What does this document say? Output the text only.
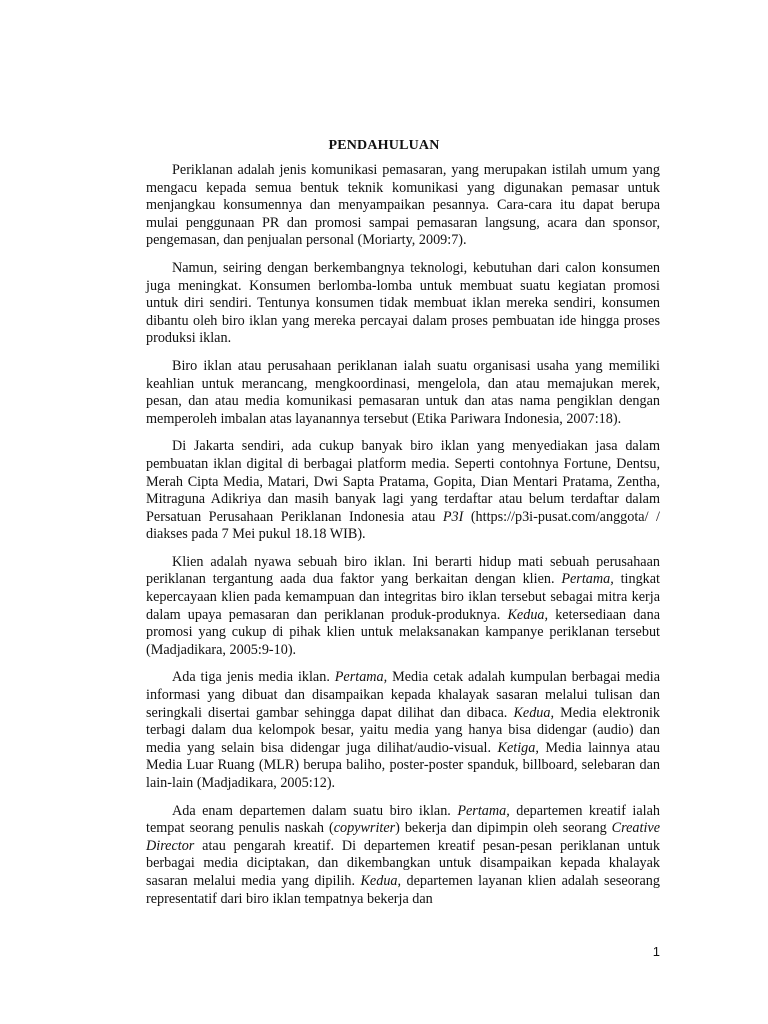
PENDAHULUAN

Periklanan adalah jenis komunikasi pemasaran, yang merupakan istilah umum yang mengacu kepada semua bentuk teknik komunikasi yang digunakan pemasar untuk menjangkau konsumennya dan menyampaikan pesannya. Cara-cara itu dapat berupa mulai penggunaan PR dan promosi sampai pemasaran langsung, acara dan sponsor, pengemasan, dan penjualan personal (Moriarty, 2009:7).

Namun, seiring dengan berkembangnya teknologi, kebutuhan dari calon konsumen juga meningkat. Konsumen berlomba-lomba untuk membuat suatu kegiatan promosi untuk diri sendiri. Tentunya konsumen tidak membuat iklan mereka sendiri, konsumen dibantu oleh biro iklan yang mereka percayai dalam proses pembuatan ide hingga proses produksi iklan.

Biro iklan atau perusahaan periklanan ialah suatu organisasi usaha yang memiliki keahlian untuk merancang, mengkoordinasi, mengelola, dan atau memajukan merek, pesan, dan atau media komunikasi pemasaran untuk dan atas nama pengiklan dengan memperoleh imbalan atas layanannya tersebut (Etika Pariwara Indonesia, 2007:18).

Di Jakarta sendiri, ada cukup banyak biro iklan yang menyediakan jasa dalam pembuatan iklan digital di berbagai platform media. Seperti contohnya Fortune, Dentsu, Merah Cipta Media, Matari, Dwi Sapta Pratama, Gopita, Dian Mentari Pratama, Zentha, Mitraguna Adikriya dan masih banyak lagi yang terdaftar atau belum terdaftar dalam Persatuan Perusahaan Periklanan Indonesia atau P3I (https://p3i-pusat.com/anggota/ / diakses pada 7 Mei pukul 18.18 WIB).

Klien adalah nyawa sebuah biro iklan. Ini berarti hidup mati sebuah perusahaan periklanan tergantung aada dua faktor yang berkaitan dengan klien. Pertama, tingkat kepercayaan klien pada kemampuan dan integritas biro iklan tersebut sebagai mitra kerja dalam upaya pemasaran dan periklanan produk-produknya. Kedua, ketersediaan dana promosi yang cukup di pihak klien untuk melaksanakan kampanye periklanan tersebut (Madjadikara, 2005:9-10).

Ada tiga jenis media iklan. Pertama, Media cetak adalah kumpulan berbagai media informasi yang dibuat dan disampaikan kepada khalayak sasaran melalui tulisan dan seringkali disertai gambar sehingga dapat dilihat dan dibaca. Kedua, Media elektronik terbagi dalam dua kelompok besar, yaitu media yang hanya bisa didengar (audio) dan media yang selain bisa didengar juga dilihat/audio-visual. Ketiga, Media lainnya atau Media Luar Ruang (MLR) berupa baliho, poster-poster spanduk, billboard, selebaran dan lain-lain (Madjadikara, 2005:12).

Ada enam departemen dalam suatu biro iklan. Pertama, departemen kreatif ialah tempat seorang penulis naskah (copywriter) bekerja dan dipimpin oleh seorang Creative Director atau pengarah kreatif. Di departemen kreatif pesan-pesan periklanan untuk berbagai media diciptakan, dan dikembangkan untuk disampaikan kepada khalayak sasaran melalui media yang dipilih. Kedua, departemen layanan klien adalah seseorang representatif dari biro iklan tempatnya bekerja dan

1
